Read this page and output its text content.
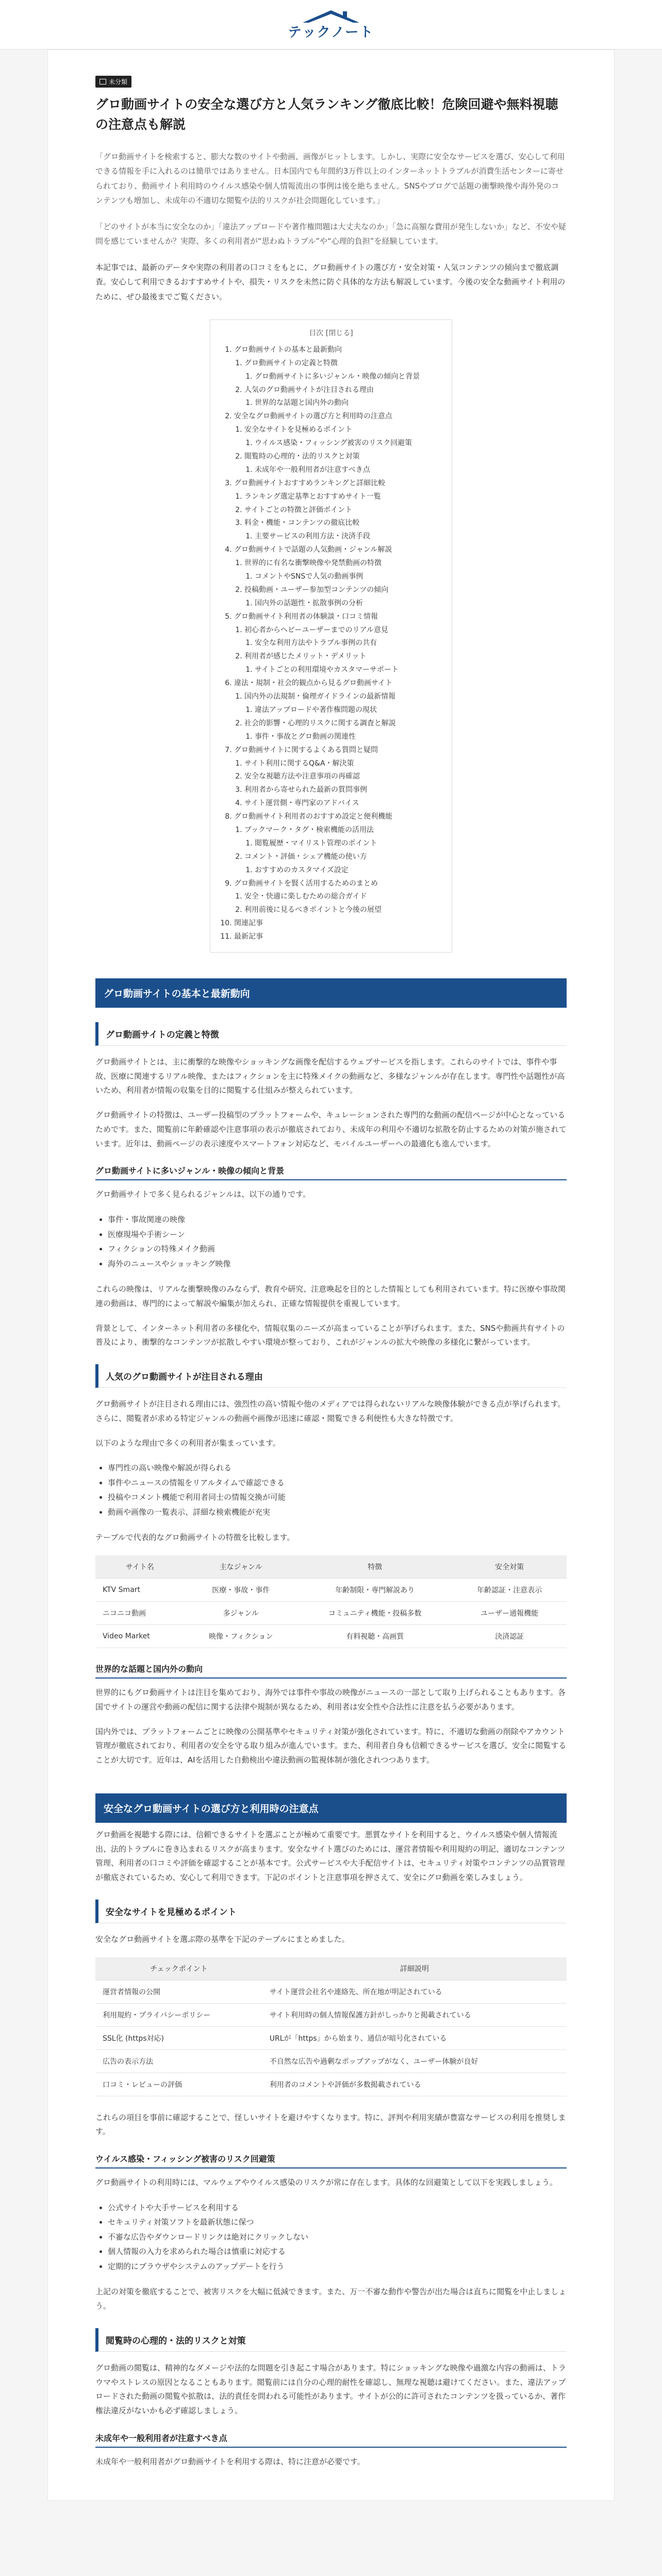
テックノート
未分類
グロ動画サイトの安全な選び方と人気ランキング徹底比較！危険回避や無料視聴の注意点も解説

「グロ動画サイトを検索すると、膨大な数のサイトや動画、画像がヒットします。しかし、実際に安全なサービスを選び、安心して利用できる情報を手に入れるのは簡単ではありません。日本国内でも年間約3万件以上のインターネットトラブルが消費生活センターに寄せられており、動画サイト利用時のウイルス感染や個人情報流出の事例は後を絶ちません。SNSやブログで話題の衝撃映像や海外発のコンテンツも増加し、未成年の不適切な閲覧や法的リスクが社会問題化しています。」

「どのサイトが本当に安全なのか」「違法アップロードや著作権問題は大丈夫なのか」「急に高額な費用が発生しないか」など、不安や疑問を感じていませんか？実際、多くの利用者が“思わぬトラブル”や“心理的負担”を経験しています。

本記事では、最新のデータや実際の利用者の口コミをもとに、グロ動画サイトの選び方・安全対策・人気コンテンツの傾向まで徹底調査。安心して利用できるおすすめサイトや、損失・リスクを未然に防ぐ具体的な方法も解説しています。今後の安全な動画サイト利用のために、ぜひ最後までご覧ください。

目次 [閉じる]
1. グロ動画サイトの基本と最新動向
1. グロ動画サイトの定義と特徴
1. グロ動画サイトに多いジャンル・映像の傾向と背景
2. 人気のグロ動画サイトが注目される理由
1. 世界的な話題と国内外の動向
2. 安全なグロ動画サイトの選び方と利用時の注意点
1. 安全なサイトを見極めるポイント
1. ウイルス感染・フィッシング被害のリスク回避策
2. 閲覧時の心理的・法的リスクと対策
1. 未成年や一般利用者が注意すべき点
3. グロ動画サイトおすすめランキングと詳細比較
1. ランキング選定基準とおすすめサイト一覧
2. サイトごとの特徴と評価ポイント
3. 料金・機能・コンテンツの徹底比較
1. 主要サービスの利用方法・決済手段
4. グロ動画サイトで話題の人気動画・ジャンル解説
1. 世界的に有名な衝撃映像や発禁動画の特徴
1. コメントやSNSで人気の動画事例
2. 投稿動画・ユーザー参加型コンテンツの傾向
1. 国内外の話題性・拡散事例の分析
5. グロ動画サイト利用者の体験談・口コミ情報
1. 初心者からヘビーユーザーまでのリアル意見
1. 安全な利用方法やトラブル事例の共有
2. 利用者が感じたメリット・デメリット
1. サイトごとの利用環境やカスタマーサポート
6. 違法・規制・社会的観点から見るグロ動画サイト
1. 国内外の法規制・倫理ガイドラインの最新情報
1. 違法アップロードや著作権問題の現状
2. 社会的影響・心理的リスクに関する調査と解説
1. 事件・事故とグロ動画の関連性
7. グロ動画サイトに関するよくある質問と疑問
1. サイト利用に関するQ&A・解決策
2. 安全な視聴方法や注意事項の再確認
3. 利用者から寄せられた最新の質問事例
4. サイト運営側・専門家のアドバイス
8. グロ動画サイト利用者のおすすめ設定と便利機能
1. ブックマーク・タグ・検索機能の活用法
1. 閲覧履歴・マイリスト管理のポイント
2. コメント・評価・シェア機能の使い方
1. おすすめのカスタマイズ設定
9. グロ動画サイトを賢く活用するためのまとめ
1. 安全・快適に楽しむための総合ガイド
2. 利用前後に見るべきポイントと今後の展望
10. 関連記事
11. 最新記事
グロ動画サイトの基本と最新動向
グロ動画サイトの定義と特徴

グロ動画サイトとは、主に衝撃的な映像やショッキングな画像を配信するウェブサービスを指します。これらのサイトでは、事件や事故、医療に関連するリアル映像、またはフィクションを主に特殊メイクの動画など、多様なジャンルが存在します。専門性や話題性が高いため、利用者が情報の収集を目的に閲覧する仕組みが整えられています。

グロ動画サイトの特徴は、ユーザー投稿型のプラットフォームや、キュレーションされた専門的な動画の配信ページが中心となっているためです。また、閲覧前に年齢確認や注意事項の表示が徹底されており、未成年の利用や不適切な拡散を防止するための対策が施されています。近年は、動画ページの表示速度やスマートフォン対応など、モバイルユーザーへの最適化も進んでいます。

グロ動画サイトに多いジャンル・映像の傾向と背景

グロ動画サイトで多く見られるジャンルは、以下の通りです。

• 事件・事故関連の映像
• 医療現場や手術シーン
• フィクションの特殊メイク動画
• 海外のニュースやショッキング映像

これらの映像は、リアルな衝撃映像のみならず、教育や研究、注意喚起を目的とした情報としても利用されています。特に医療や事故関連の動画は、専門的によって解説や編集が加えられ、正確な情報提供を重視しています。

背景として、インターネット利用者の多様化や、情報収集のニーズが高まっていることが挙げられます。また、SNSや動画共有サイトの普及により、衝撃的なコンテンツが拡散しやすい環境が整っており、これがジャンルの拡大や映像の多様化に繋がっています。

人気のグロ動画サイトが注目される理由

グロ動画サイトが注目される理由には、強烈性の高い情報や他のメディアでは得られないリアルな映像体験ができる点が挙げられます。さらに、閲覧者が求める特定ジャンルの動画や画像が迅速に確認・閲覧できる利便性も大きな特徴です。

以下のような理由で多くの利用者が集まっています。

• 専門性の高い映像や解説が得られる
• 事件やニュースの情報をリアルタイムで確認できる
• 投稿やコメント機能で利用者同士の情報交換が可能
• 動画や画像の一覧表示、詳細な検索機能が充実

テーブルで代表的なグロ動画サイトの特徴を比較します。

サイト名	主なジャンル	特徴	安全対策
KTV Smart	医療・事故・事件	年齢制限・専門解説あり	年齢認証・注意表示
ニコニコ動画	多ジャンル	コミュニティ機能・投稿多数	ユーザー通報機能
Video Market	映像・フィクション	有料視聴・高画質	決済認証
世界的な話題と国内外の動向

世界的にもグロ動画サイトは注目を集めており、海外では事件や事故の映像がニュースの一部として取り上げられることもあります。各国でサイトの運営や動画の配信に関する法律や規制が異なるため、利用者は安全性や合法性に注意を払う必要があります。

国内外では、プラットフォームごとに映像の公開基準やセキュリティ対策が強化されています。特に、不適切な動画の削除やアカウント管理が徹底されており、利用者の安全を守る取り組みが進んでいます。また、利用者自身も信頼できるサービスを選び、安全に閲覧することが大切です。近年は、AIを活用した自動検出や違法動画の監視体制が強化されつつあります。

安全なグロ動画サイトの選び方と利用時の注意点

グロ動画を視聴する際には、信頼できるサイトを選ぶことが極めて重要です。悪質なサイトを利用すると、ウイルス感染や個人情報流出、法的トラブルに巻き込まれるリスクが高まります。安全なサイト選びのためには、運営者情報や利用規約の明記、適切なコンテンツ管理、利用者の口コミや評価を確認することが基本です。公式サービスや大手配信サイトは、セキュリティ対策やコンテンツの品質管理が徹底されているため、安心して利用できます。下記のポイントと注意事項を押さえて、安全にグロ動画を楽しみましょう。

安全なサイトを見極めるポイント

安全なグロ動画サイトを選ぶ際の基準を下記のテーブルにまとめました。

チェックポイント	詳細説明
運営者情報の公開	サイト運営会社名や連絡先、所在地が明記されている
利用規約・プライバシーポリシー	サイト利用時の個人情報保護方針がしっかりと掲載されている
SSL化 (https対応)	URLが「https」から始まり、通信が暗号化されている
広告の表示方法	不自然な広告や過剰なポップアップがなく、ユーザー体験が良好
口コミ・レビューの評価	利用者のコメントや評価が多数掲載されている

これらの項目を事前に確認することで、怪しいサイトを避けやすくなります。特に、評判や利用実績が豊富なサービスの利用を推奨します。

ウイルス感染・フィッシング被害のリスク回避策

グロ動画サイトの利用時には、マルウェアやウイルス感染のリスクが常に存在します。具体的な回避策として以下を実践しましょう。

• 公式サイトや大手サービスを利用する
• セキュリティ対策ソフトを最新状態に保つ
• 不審な広告やダウンロードリンクは絶対にクリックしない
• 個人情報の入力を求められた場合は慎重に対応する
• 定期的にブラウザやシステムのアップデートを行う

上記の対策を徹底することで、被害リスクを大幅に低減できます。また、万一不審な動作や警告が出た場合は直ちに閲覧を中止しましょう。

閲覧時の心理的・法的リスクと対策

グロ動画の閲覧は、精神的なダメージや法的な問題を引き起こす場合があります。特にショッキングな映像や過激な内容の動画は、トラウマやストレスの原因となることもあります。閲覧前には自分の心理的耐性を確認し、無理な視聴は避けてください。また、違法アップロードされた動画の閲覧や拡散は、法的責任を問われる可能性があります。サイトが公的に許可されたコンテンツを扱っているか、著作権法違反がないかも必ず確認しましょう。

未成年や一般利用者が注意すべき点

未成年や一般利用者がグロ動画サイトを利用する際は、特に注意が必要です。
